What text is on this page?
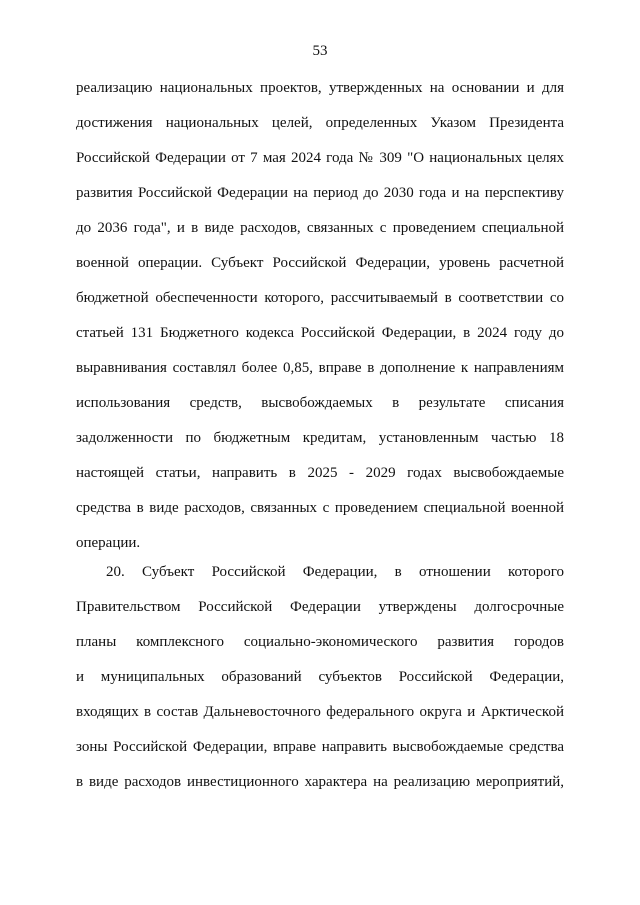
53
реализацию национальных проектов, утвержденных на основании и для
достижения национальных целей, определенных Указом Президента
Российской Федерации от 7 мая 2024 года № 309 "О национальных целях
развития Российской Федерации на период до 2030 года и на перспективу
до 2036 года", и в виде расходов, связанных с проведением специальной
военной операции. Субъект Российской Федерации, уровень расчетной
бюджетной обеспеченности которого, рассчитываемый в соответствии со
статьей 131 Бюджетного кодекса Российской Федерации, в 2024 году до
выравнивания составлял более 0,85, вправе в дополнение к направлениям
использования средств, высвобождаемых в результате списания
задолженности по бюджетным кредитам, установленным частью 18
настоящей статьи, направить в 2025 - 2029 годах высвобождаемые
средства в виде расходов, связанных с проведением специальной военной
операции.
20. Субъект Российской Федерации, в отношении которого
Правительством Российской Федерации утверждены долгосрочные
планы комплексного социально-экономического развития городов
и муниципальных образований субъектов Российской Федерации,
входящих в состав Дальневосточного федерального округа и Арктической
зоны Российской Федерации, вправе направить высвобождаемые средства
в виде расходов инвестиционного характера на реализацию мероприятий,
